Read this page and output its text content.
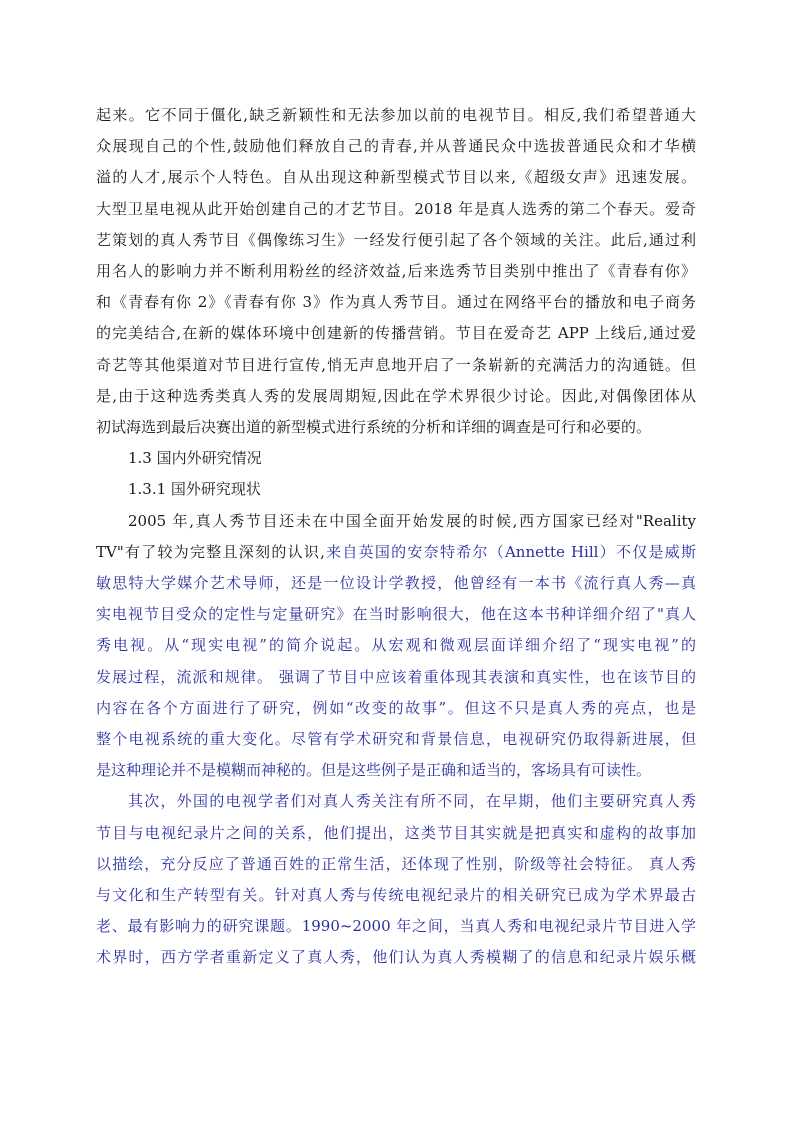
起来。它不同于僵化,缺乏新颖性和无法参加以前的电视节目。相反,我们希望普通大
众展现自己的个性,鼓励他们释放自己的青春,并从普通民众中选拔普通民众和才华横
溢的人才,展示个人特色。自从出现这种新型模式节目以来,《超级女声》迅速发展。
大型卫星电视从此开始创建自己的才艺节目。2018 年是真人选秀的第二个春天。爱奇
艺策划的真人秀节目《偶像练习生》一经发行便引起了各个领域的关注。此后,通过利
用名人的影响力并不断利用粉丝的经济效益,后来选秀节目类别中推出了《青春有你》
和《青春有你 2》《青春有你 3》作为真人秀节目。通过在网络平台的播放和电子商务
的完美结合,在新的媒体环境中创建新的传播营销。节目在爱奇艺 APP 上线后,通过爱
奇艺等其他渠道对节目进行宣传,悄无声息地开启了一条崭新的充满活力的沟通链。但
是,由于这种选秀类真人秀的发展周期短,因此在学术界很少讨论。因此,对偶像团体从
初试海选到最后决赛出道的新型模式进行系统的分析和详细的调查是可行和必要的。
1.3 国内外研究情况
1.3.1 国外研究现状
2005 年,真人秀节目还未在中国全面开始发展的时候,西方国家已经对"Reality
TV"有了较为完整且深刻的认识,来自英国的安奈特希尔（Annette Hill）不仅是威斯
敏思特大学媒介艺术导师，还是一位设计学教授，他曾经有一本书《流行真人秀—真
实电视节目受众的定性与定量研究》在当时影响很大，他在这本书种详细介绍了"真人
秀电视。从“现实电视”的简介说起。从宏观和微观层面详细介绍了“现实电视”的
发展过程，流派和规律。 强调了节目中应该着重体现其表演和真实性，也在该节目的
内容在各个方面进行了研究，例如“改变的故事”。但这不只是真人秀的亮点，也是
整个电视系统的重大变化。尽管有学术研究和背景信息，电视研究仍取得新进展，但
是这种理论并不是模糊而神秘的。但是这些例子是正确和适当的，客场具有可读性。
其次，外国的电视学者们对真人秀关注有所不同，在早期，他们主要研究真人秀
节目与电视纪录片之间的关系，他们提出，这类节目其实就是把真实和虚构的故事加
以描绘，充分反应了普通百姓的正常生活，还体现了性别，阶级等社会特征。 真人秀
与文化和生产转型有关。针对真人秀与传统电视纪录片的相关研究已成为学术界最古
老、最有影响力的研究课题。1990~2000 年之间，当真人秀和电视纪录片节目进入学
术界时，西方学者重新定义了真人秀，他们认为真人秀模糊了的信息和纪录片娱乐概
